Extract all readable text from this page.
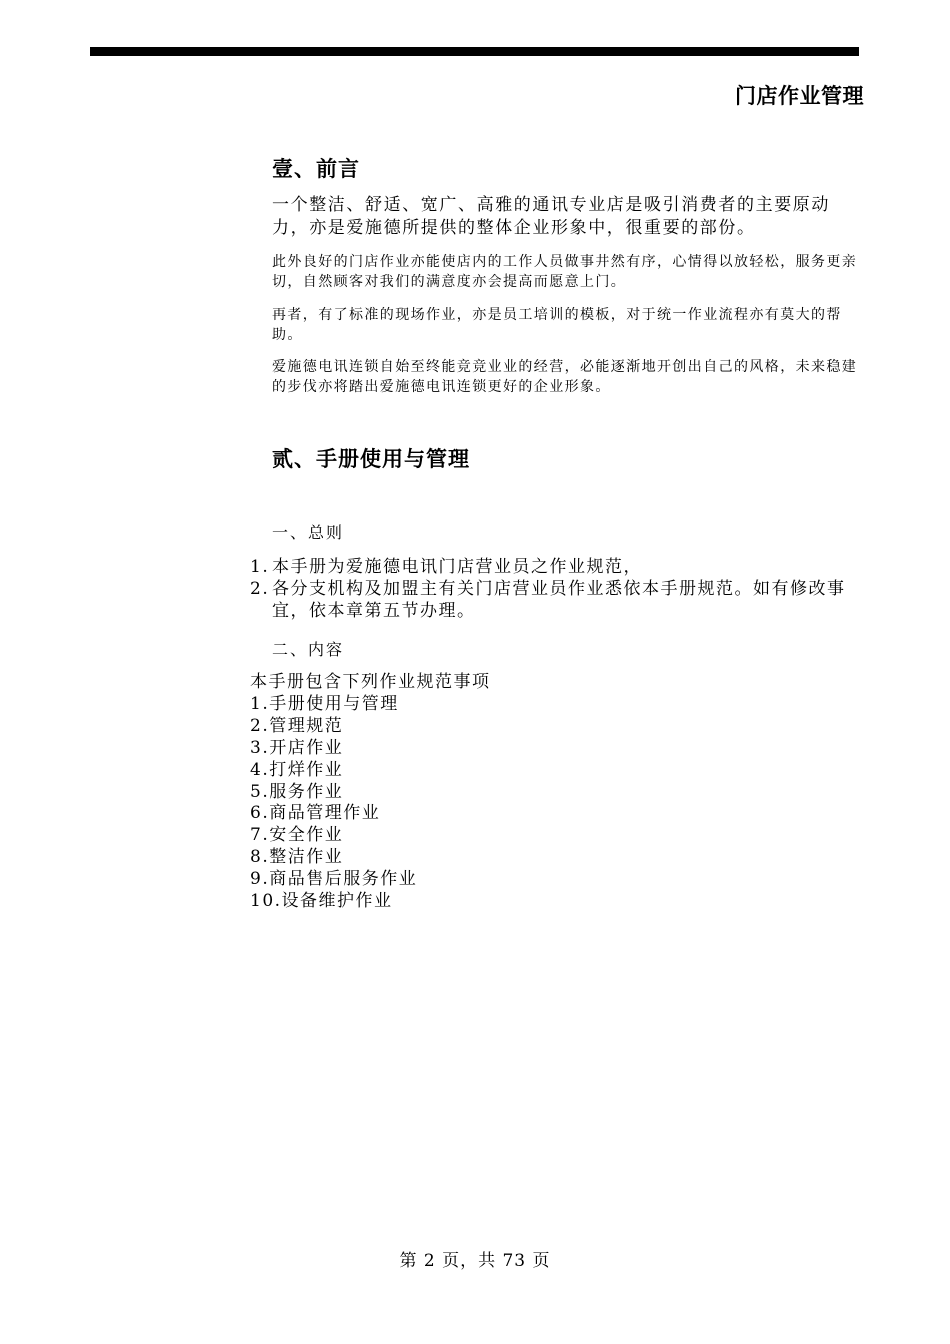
门店作业管理
壹、前言

一个整洁、舒适、宽广、高雅的通讯专业店是吸引消费者的主要原动力，亦是爱施德所提供的整体企业形象中，很重要的部份。

此外良好的门店作业亦能使店内的工作人员做事井然有序，心情得以放轻松，服务更亲切，自然顾客对我们的满意度亦会提高而愿意上门。

再者，有了标准的现场作业，亦是员工培训的模板，对于统一作业流程亦有莫大的帮助。

爱施德电讯连锁自始至终能竞竞业业的经营，必能逐渐地开创出自己的风格，未来稳建的步伐亦将踏出爱施德电讯连锁更好的企业形象。

贰、手册使用与管理
一、总则
1. 本手册为爱施德电讯门店营业员之作业规范，
2. 各分支机构及加盟主有关门店营业员作业悉依本手册规范。如有修改事宜，依本章第五节办理。
二、内容
本手册包含下列作业规范事项
1.手册使用与管理
2.管理规范
3.开店作业
4.打烊作业
5.服务作业
6.商品管理作业
7.安全作业
8.整洁作业
9.商品售后服务作业
10.设备维护作业
第 2 页，共 73 页
